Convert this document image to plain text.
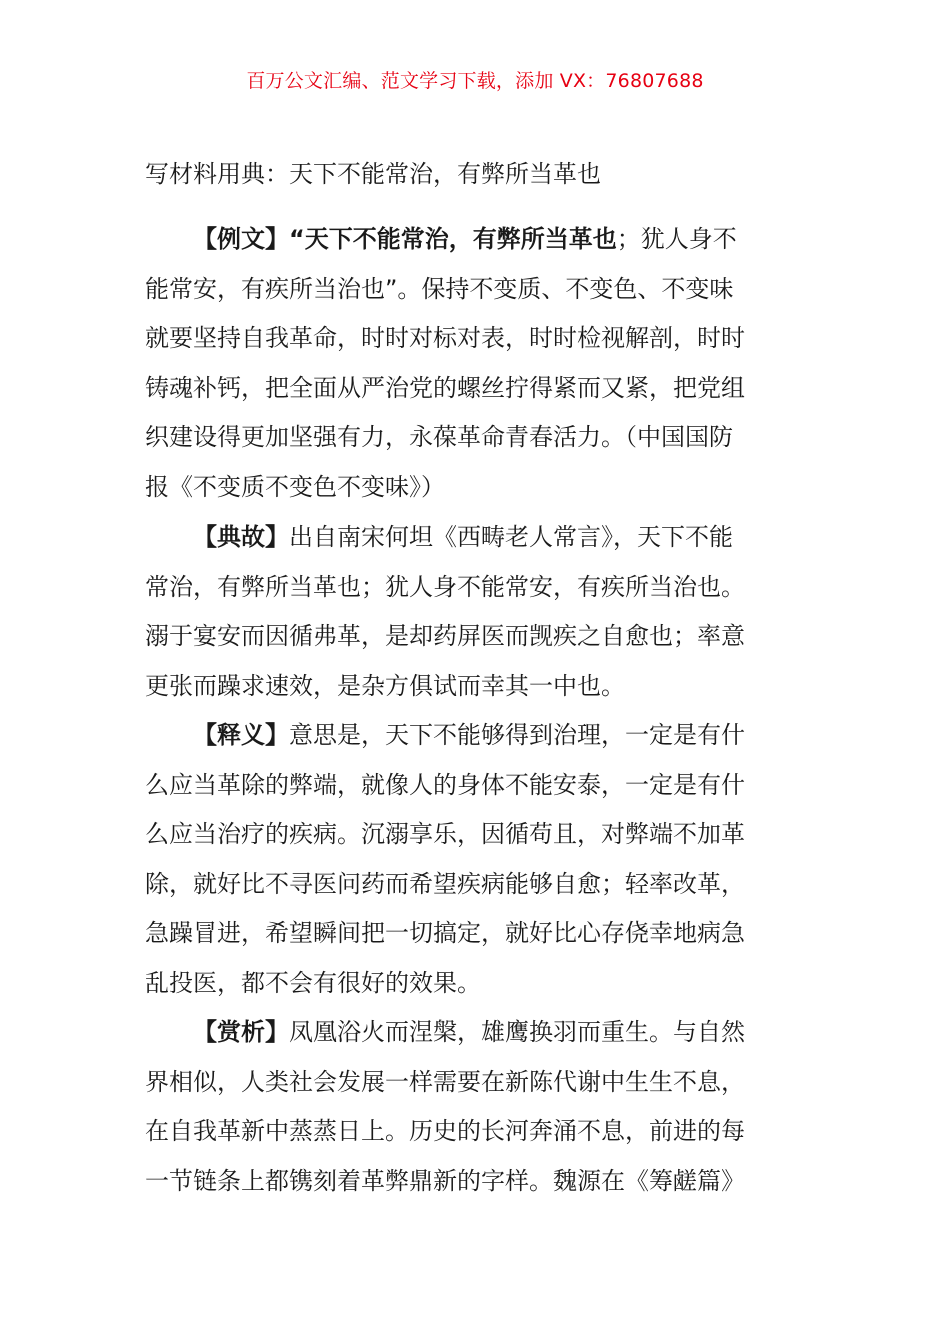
百万公文汇编、范文学习下载，添加 VX：76807688
写材料用典：天下不能常治，有弊所当革也
【例文】“天下不能常治，有弊所当革也；犹人身不
能常安，有疾所当治也”。保持不变质、不变色、不变味
就要坚持自我革命，时时对标对表，时时检视解剖，时时
铸魂补钙，把全面从严治党的螺丝拧得紧而又紧，把党组
织建设得更加坚强有力，永葆革命青春活力。（中国国防
报《不变质不变色不变味》）
【典故】出自南宋何坦《西畴老人常言》，天下不能
常治，有弊所当革也；犹人身不能常安，有疾所当治也。
溺于宴安而因循弗革，是却药屏医而觊疾之自愈也；率意
更张而躁求速效，是杂方俱试而幸其一中也。
【释义】意思是，天下不能够得到治理，一定是有什
么应当革除的弊端，就像人的身体不能安泰，一定是有什
么应当治疗的疾病。沉溺享乐，因循苟且，对弊端不加革
除，就好比不寻医问药而希望疾病能够自愈；轻率改革，
急躁冒进，希望瞬间把一切搞定，就好比心存侥幸地病急
乱投医，都不会有很好的效果。
【赏析】凤凰浴火而涅槃，雄鹰换羽而重生。与自然
界相似，人类社会发展一样需要在新陈代谢中生生不息，
在自我革新中蒸蒸日上。历史的长河奔涌不息，前进的每
一节链条上都镌刻着革弊鼎新的字样。魏源在《筹鹾篇》
